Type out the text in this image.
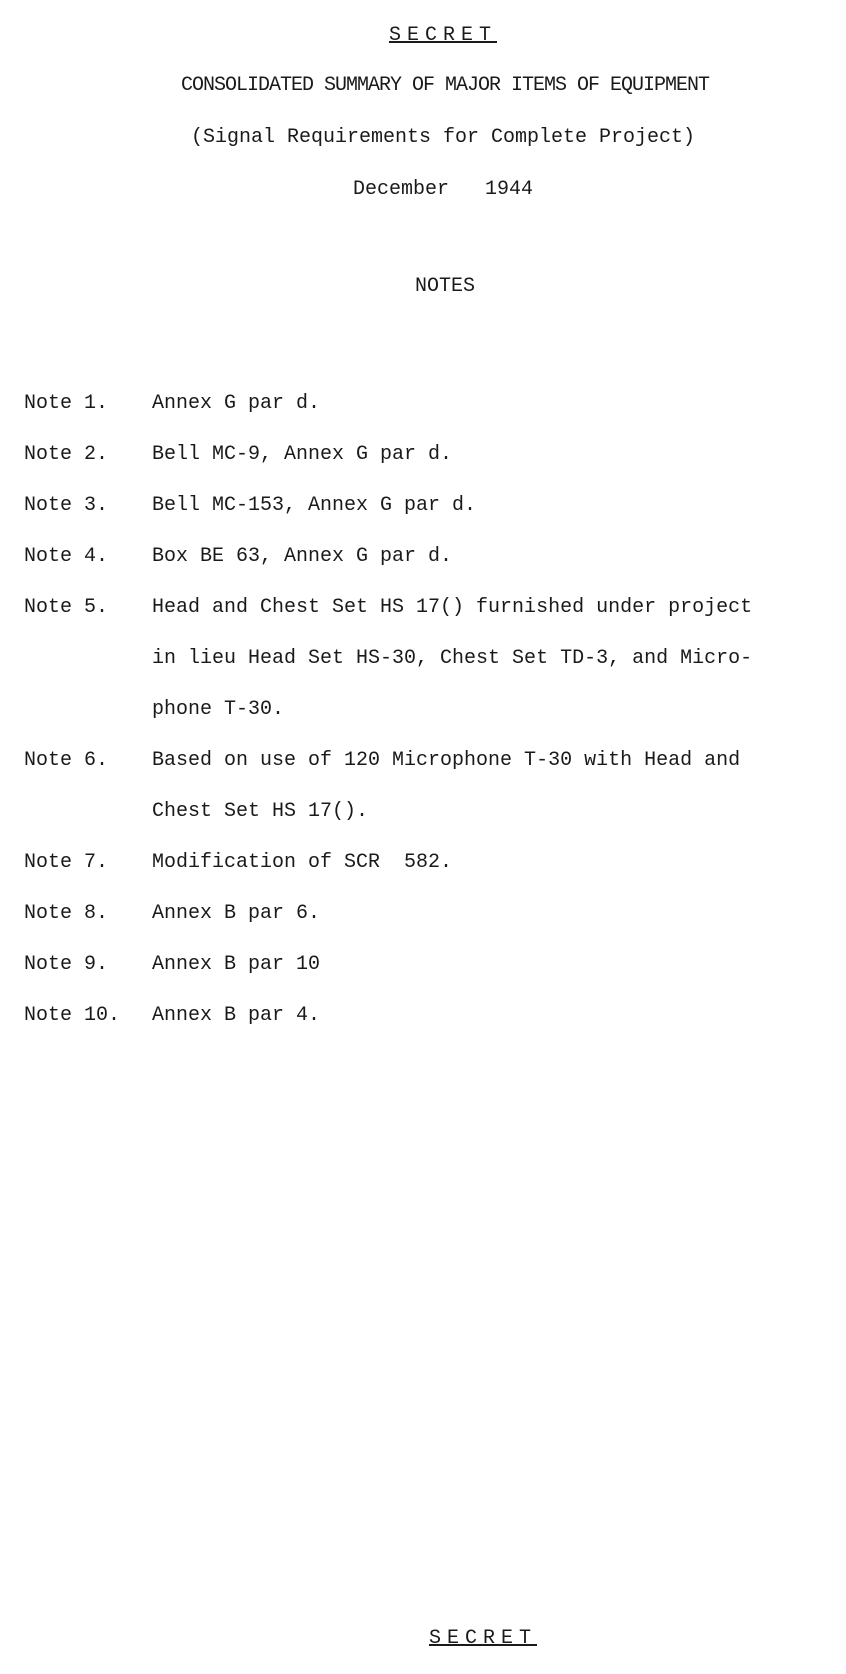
SECRET
CONSOLIDATED SUMMARY OF MAJOR ITEMS OF EQUIPMENT
(Signal Requirements for Complete Project)
December   1944
NOTES
Note 1.	Annex G par d.
Note 2.	Bell MC-9, Annex G par d.
Note 3.	Bell MC-153, Annex G par d.
Note 4.	Box BE 63, Annex G par d.
Note 5.	Head and Chest Set HS 17() furnished under project in lieu Head Set HS-30, Chest Set TD-3, and Micro-phone T-30.
Note 6.	Based on use of 120 Microphone T-30 with Head and Chest Set HS 17().
Note 7.	Modification of SCR  582.
Note 8.	Annex B par 6.
Note 9.	Annex B par 10
Note 10.	Annex B par 4.
SECRET
